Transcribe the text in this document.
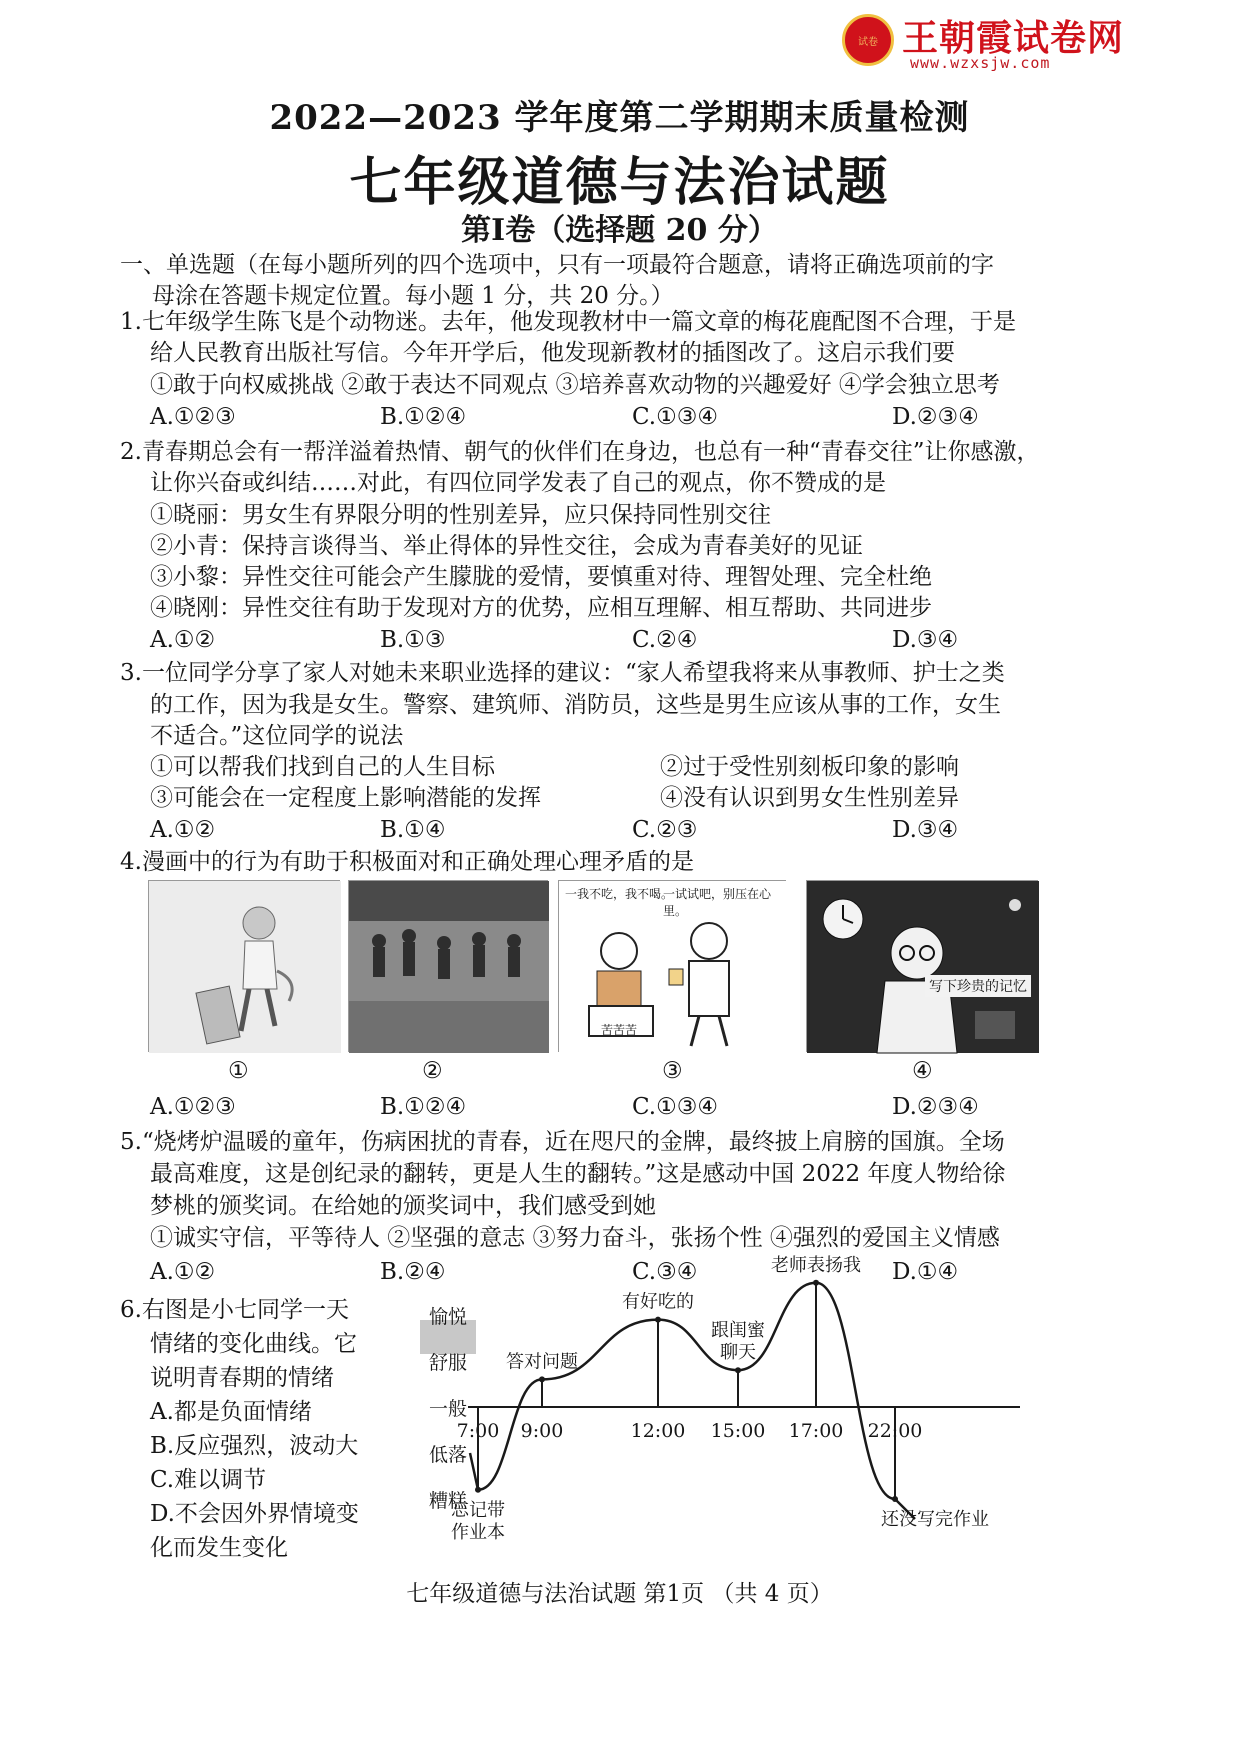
试卷 王朝霞试卷网
www.wzxsjw.com
2022—2023 学年度第二学期期末质量检测
七年级道德与法治试题
第Ⅰ卷（选择题 20 分）
一、单选题（在每小题所列的四个选项中，只有一项最符合题意，请将正确选项前的字
母涂在答题卡规定位置。每小题 1 分，共 20 分。）
1.七年级学生陈飞是个动物迷。去年，他发现教材中一篇文章的梅花鹿配图不合理，于是
给人民教育出版社写信。今年开学后，他发现新教材的插图改了。这启示我们要
①敢于向权威挑战 ②敢于表达不同观点 ③培养喜欢动物的兴趣爱好 ④学会独立思考
A.①②③	B.①②④	C.①③④	D.②③④
2.青春期总会有一帮洋溢着热情、朝气的伙伴们在身边，也总有一种“青春交往”让你感激，
让你兴奋或纠结……对此，有四位同学发表了自己的观点，你不赞成的是
①晓丽：男女生有界限分明的性别差异，应只保持同性别交往
②小青：保持言谈得当、举止得体的异性交往，会成为青春美好的见证
③小黎：异性交往可能会产生朦胧的爱情，要慎重对待、理智处理、完全杜绝
④晓刚：异性交往有助于发现对方的优势，应相互理解、相互帮助、共同进步
A.①②	B.①③	C.②④	D.③④
3.一位同学分享了家人对她未来职业选择的建议：“家人希望我将来从事教师、护士之类
的工作，因为我是女生。警察、建筑师、消防员，这些是男生应该从事的工作，女生
不适合。”这位同学的说法
①可以帮我们找到自己的人生目标	②过于受性别刻板印象的影响
③可能会在一定程度上影响潜能的发挥	④没有认识到男女生性别差异
A.①②	B.①④	C.②③	D.③④
4.漫画中的行为有助于积极面对和正确处理心理矛盾的是
一我不吃，我不喝。
一试试吧，别压在心里。
苦苦苦
写下珍贵的记忆
①	②	③	④
A.①②③	B.①②④	C.①③④	D.②③④
5.“烧烤炉温暖的童年，伤病困扰的青春，近在咫尺的金牌，最终披上肩膀的国旗。全场
最高难度，这是创纪录的翻转，更是人生的翻转。”这是感动中国 2022 年度人物给徐
梦桃的颁奖词。在给她的颁奖词中，我们感受到她
①诚实守信，平等待人 ②坚强的意志 ③努力奋斗，张扬个性 ④强烈的爱国主义情感
A.①②	B.②④	C.③④	D.①④
6.右图是小七同学一天
情绪的变化曲线。它
说明青春期的情绪
A.都是负面情绪
B.反应强烈，波动大
C.难以调节
D.不会因外界情境变
化而发生变化
愉悦
舒服
一般
低落
糟糕
7:00 9:00	12:00 15:00 17:00 22:00
忘记带
作业本
答对问题
有好吃的
跟闺蜜
聊天
老师表扬我
还没写完作业
七年级道德与法治试题 第1页 （共 4 页）
